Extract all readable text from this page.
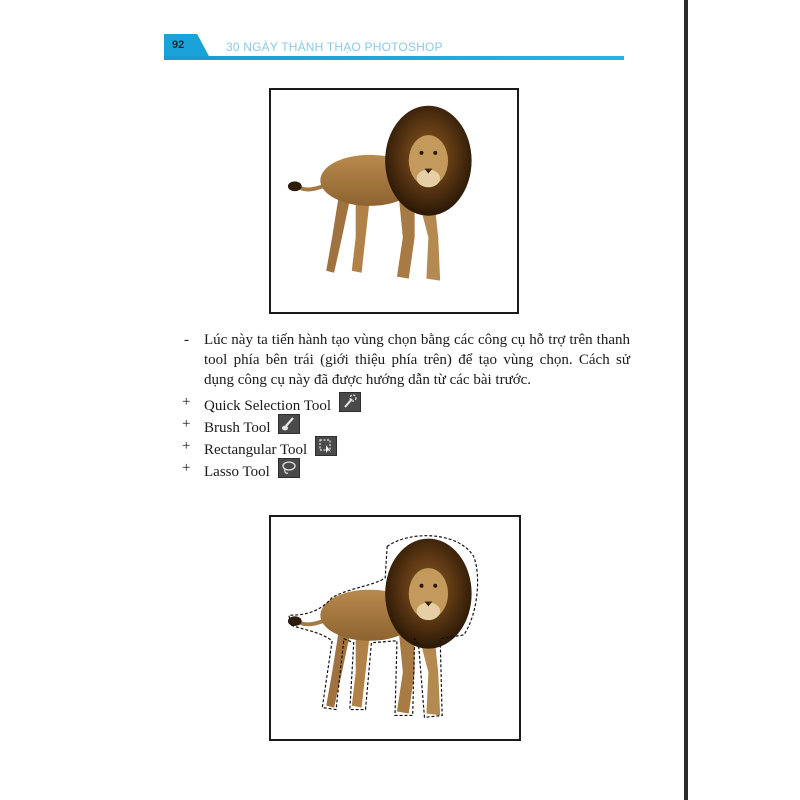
92	30 NGÀY THÀNH THẠO PHOTOSHOP
- Lúc này ta tiến hành tạo vùng chọn bằng các công cụ hỗ trợ trên thanh tool phía bên trái (giới thiệu phía trên) để tạo vùng chọn. Cách sử dụng công cụ này đã được hướng dẫn từ các bài trước.
+ Quick Selection Tool
+ Brush Tool
+ Rectangular Tool
+ Lasso Tool
